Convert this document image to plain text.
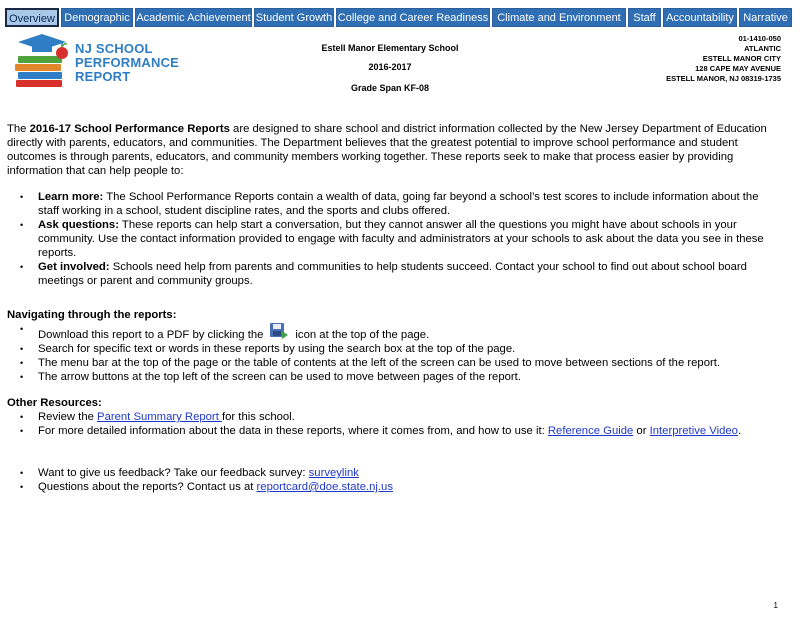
Overview Demographic Academic Achievement Student Growth College and Career Readiness Climate and Environment	Staff Accountability Narrative
NJ SCHOOL
PERFORMANCE
REPORT
Estell Manor Elementary School
2016-2017
Grade Span KF-08
01-1410-050
ATLANTIC
ESTELL MANOR CITY
128 CAPE MAY AVENUE
ESTELL MANOR, NJ 08319-1735

The 2016-17 School Performance Reports are designed to share school and district information collected by the New Jersey Department of Education directly with parents, educators, and communities. The Department believes that the greatest potential to improve school performance and student outcomes is through parents, educators, and community members working together. These reports seek to make that process easier by providing information that can help people to:

• Learn more: The School Performance Reports contain a wealth of data, going far beyond a school’s test scores to include information about the staff working in a school, student discipline rates, and the sports and clubs offered.
• Ask questions: These reports can help start a conversation, but they cannot answer all the questions you might have about schools in your community. Use the contact information provided to engage with faculty and administrators at your schools to ask about the data you see in these reports.
• Get involved: Schools need help from parents and communities to help students succeed. Contact your school to find out about school board meetings or parent and community groups.
Navigating through the reports:
• Download this report to a PDF by clicking the	icon at the top of the page.
• Search for specific text or words in these reports by using the search box at the top of the page.
• The menu bar at the top of the page or the table of contents at the left of the screen can be used to move between sections of the report.
• The arrow buttons at the top left of the screen can be used to move between pages of the report.
Other Resources:
• Review the Parent Summary Report for this school.
• For more detailed information about the data in these reports, where it comes from, and how to use it: Reference Guide or Interpretive Video.
• Want to give us feedback? Take our feedback survey: surveylink
• Questions about the reports? Contact us at reportcard@doe.state.nj.us
1
